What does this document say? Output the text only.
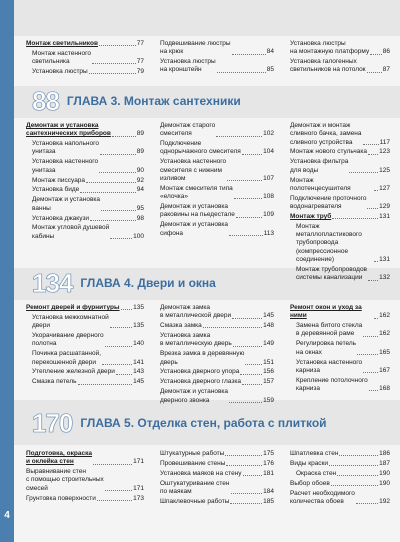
4
88 ГЛАВА 3. Монтаж сантехники
134 ГЛАВА 4. Двери и окна
170 ГЛАВА 5. Отделка стен, работа с плиткой
Монтаж светильников	77
Монтаж настенного
светильника	77
Установка люстры	79
Подвешивание люстры
на крюк	84
Установка люстры
на кронштейн	85
Установка люстры
на монтажную платформу 86
Установка галогенных
светильников на потолок	87
Демонтаж и установка
сантехнических приборов	89
Установка напольного
унитаза	89
Установка настенного
унитаза	90
Монтаж писсуара	92
Установка биде	94
Демонтаж и установка
ванны	95
Установка джакузи	98
Монтаж угловой душевой
кабины	100
Демонтаж старого
смесителя	102
Подключение
однорычажного смесителя	104
Установка настенного
смесителя с нижним
изливом	107
Монтаж смесителя типа
«елочка»	108
Демонтаж и установка
раковины на пьедестале	109
Демонтаж и установка
сифона	113
Демонтаж и монтаж
сливного бачка, замена
сливного устройства	117
Монтаж нового стульчака 123
Установка фильтра
для воды	125
Монтаж полотенцесушителя	127
Подключение проточного
водонагревателя	129
Монтаж труб	131
Монтаж металлопластикового
трубопровода (компрессионное
соединение)	131
Монтаж трубопроводов
системы канализации	132
Ремонт дверей и фурнитуры 135
Установка межкомнатной
двери	135
Укорачивание дверного
полотна	140
Починка расшатанной,
перекошенной двери	141
Утепление железной двери	143
Смазка петель	145
Демонтаж замка
в металлической двери	145
Смазка замка	148
Установка замка
в металлическую дверь	149
Врезка замка в деревянную
дверь	151
Установка дверного упора	156
Установка дверного глазка	157
Демонтаж и установка
дверного звонка	159
Ремонт окон и уход за ними	162
Замена битого стекла
в деревянной раме	162
Регулировка петель
на окнах	165
Установка настенного
карниза	167
Крепление потолочного
карниза	168
Подготовка, окраска
и оклейка стен	171
Выравнивание стен
с помощью строительных
смесей	171
Грунтовка поверхности	173
Штукатурные работы	175
Провешивание стены	176
Установка маяков на стену	181
Оштукатуривание стен
по маякам	184
Шпаклевочные работы	185
Шпатлевка стен	186
Виды краски	187
Окраска стен	190
Выбор обоев	190
Расчет необходимого
количества обоев	192
